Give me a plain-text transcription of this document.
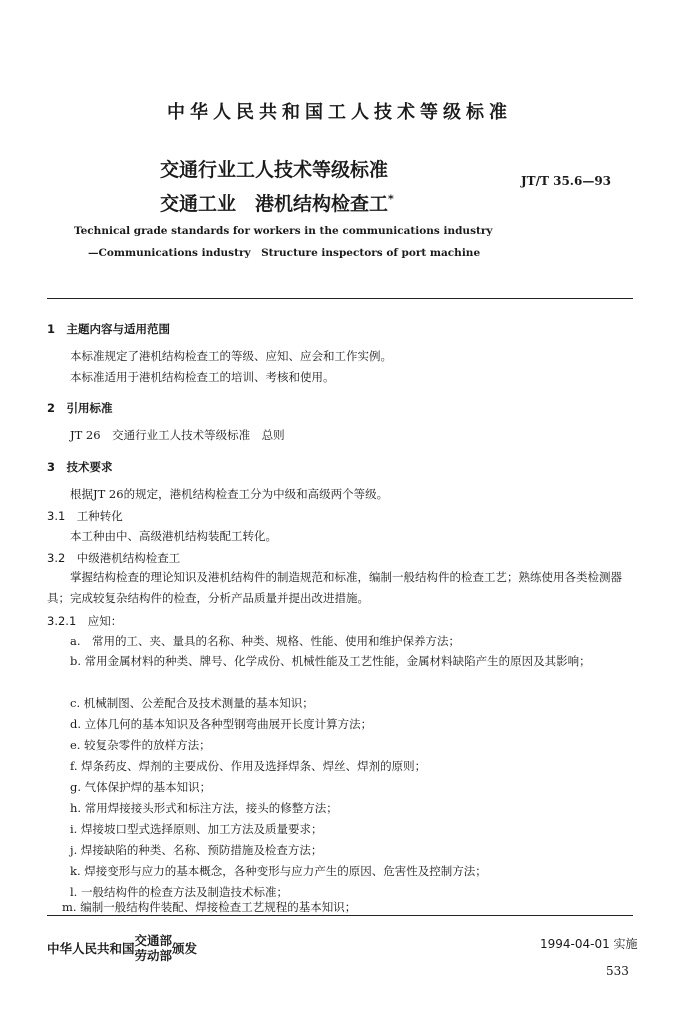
中华人民共和国工人技术等级标准
交通行业工人技术等级标准
交通工业　港机结构检查工*
JT/T 35.6—93
Technical grade standards for workers in the communications industry
—Communications industry　Structure inspectors of port machine
1　主题内容与适用范围
本标准规定了港机结构检查工的等级、应知、应会和工作实例。
本标准适用于港机结构检查工的培训、考核和使用。
2　引用标准
JT 26　交通行业工人技术等级标准　总则
3　技术要求
根据JT 26的规定，港机结构检查工分为中级和高级两个等级。
3.1　工种转化
本工种由中、高级港机结构装配工转化。
3.2　中级港机结构检查工
掌握结构检查的理论知识及港机结构件的制造规范和标准，编制一般结构件的检查工艺；熟练使用各类检测器具；完成较复杂结构件的检查，分析产品质量并提出改进措施。
3.2.1　应知：
a.　常用的工、夹、量具的名称、种类、规格、性能、使用和维护保养方法；
b. 常用金属材料的种类、牌号、化学成份、机械性能及工艺性能，金属材料缺陷产生的原因及其影响；
c. 机械制图、公差配合及技术测量的基本知识；
d. 立体几何的基本知识及各种型钢弯曲展开长度计算方法；
e. 较复杂零件的放样方法；
f. 焊条药皮、焊剂的主要成份、作用及选择焊条、焊丝、焊剂的原则；
g. 气体保护焊的基本知识；
h. 常用焊接接头形式和标注方法，接头的修整方法；
i. 焊接坡口型式选择原则、加工方法及质量要求；
j. 焊接缺陷的种类、名称、预防措施及检查方法；
k. 焊接变形与应力的基本概念，各种变形与应力产生的原因、危害性及控制方法；
l. 一般结构件的检查方法及制造技术标准；
m. 编制一般结构件装配、焊接检查工艺规程的基本知识；
中华人民共和国
交通部
劳动部 颁发	1994-04-01 实施
533
